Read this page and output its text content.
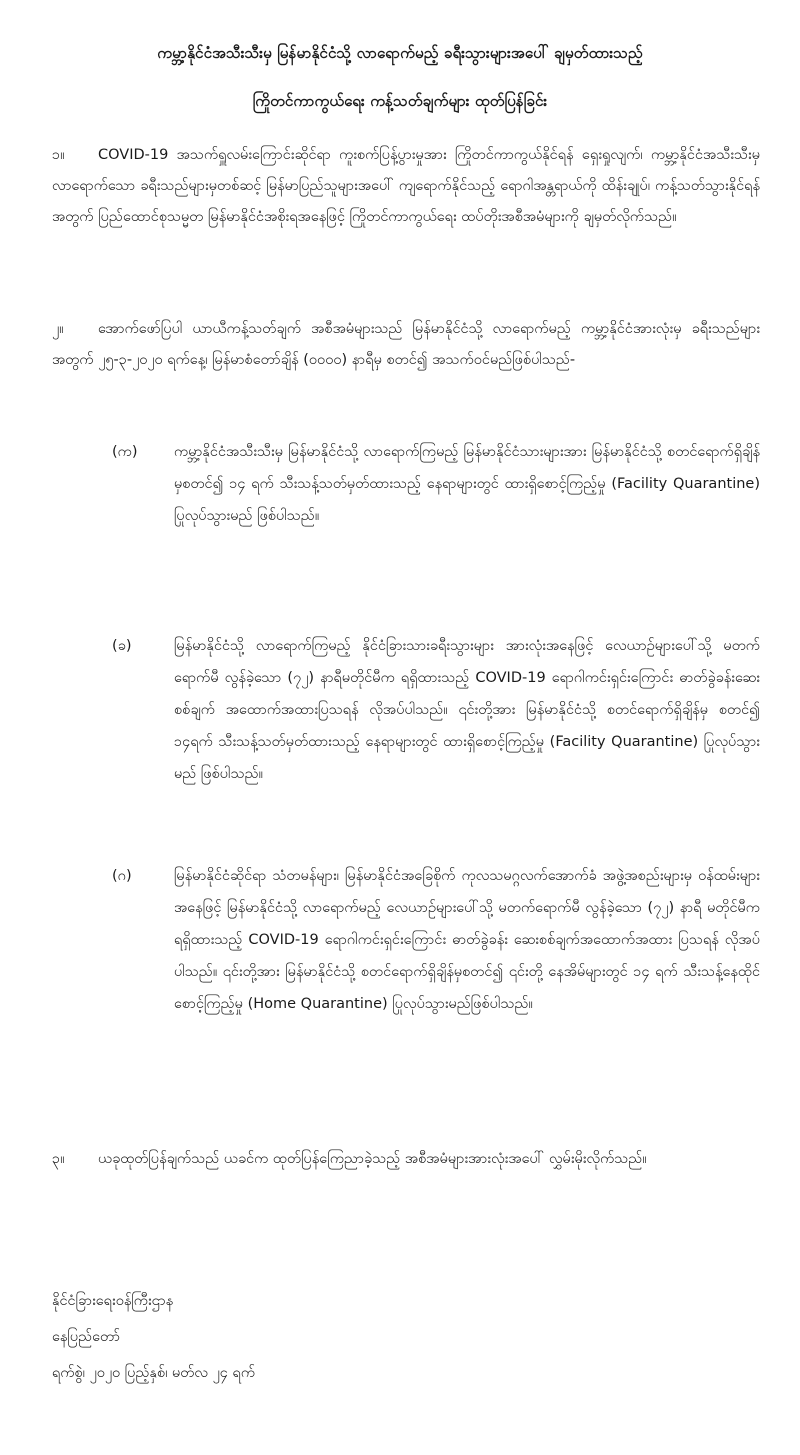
ကမ္ဘာ့နိုင်ငံအသီးသီးမှ မြန်မာနိုင်ငံသို့ လာရောက်မည့် ခရီးသွားများအပေါ် ချမှတ်ထားသည့်
ကြိုတင်ကာကွယ်ရေး ကန့်သတ်ချက်များ ထုတ်ပြန်ခြင်း
၁။ COVID-19 အသက်ရှူလမ်းကြောင်းဆိုင်ရာ ကူးစက်ပြန့်ပွားမှုအား ကြိုတင်ကာကွယ်နိုင်ရန် ရှေးရှုလျက်၊ ကမ္ဘာ့နိုင်ငံအသီးသီးမှ လာရောက်သော ခရီးသည်များမှတစ်ဆင့် မြန်မာပြည်သူများအပေါ် ကျရောက်နိုင်သည့် ရောဂါအန္တရာယ်ကို ထိန်းချုပ်၊ ကန့်သတ်သွားနိုင်ရန်အတွက် ပြည်ထောင်စုသမ္မတ မြန်မာနိုင်ငံအစိုးရအနေဖြင့် ကြိုတင်ကာကွယ်ရေး ထပ်တိုးအစီအမံများကို ချမှတ်လိုက်သည်။
၂။ အောက်ဖော်ပြပါ ယာယီကန့်သတ်ချက် အစီအမံများသည် မြန်မာနိုင်ငံသို့ လာရောက်မည့် ကမ္ဘာ့နိုင်ငံအားလုံးမှ ခရီးသည်များအတွက် ၂၅-၃-၂၀၂၀ ရက်နေ့၊ မြန်မာစံတော်ချိန် (၀၀၀၀) နာရီမှ စတင်၍ အသက်ဝင်မည်ဖြစ်ပါသည်-
(က)	ကမ္ဘာ့နိုင်ငံအသီးသီးမှ မြန်မာနိုင်ငံသို့ လာရောက်ကြမည့် မြန်မာနိုင်ငံသားများအား မြန်မာနိုင်ငံသို့ စတင်ရောက်ရှိချိန်မှစတင်၍ ၁၄ ရက် သီးသန့်သတ်မှတ်ထားသည့် နေရာများတွင် ထားရှိစောင့်ကြည့်မှု (Facility Quarantine) ပြုလုပ်သွားမည် ဖြစ်ပါသည်။
(ခ)	မြန်မာနိုင်ငံသို့ လာရောက်ကြမည့် နိုင်ငံခြားသားခရီးသွားများ အားလုံးအနေဖြင့် လေယာဉ်များပေါ်သို့ မတက်ရောက်မီ လွန်ခဲ့သော (၇၂) နာရီမတိုင်မီက ရရှိထားသည့် COVID-19 ရောဂါကင်းရှင်းကြောင်း ဓာတ်ခွဲခန်းဆေးစစ်ချက် အထောက်အထားပြသရန် လိုအပ်ပါသည်။ ၎င်းတို့အား မြန်မာနိုင်ငံသို့ စတင်ရောက်ရှိချိန်မှ စတင်၍ ၁၄ရက် သီးသန့်သတ်မှတ်ထားသည့် နေရာများတွင် ထားရှိစောင့်ကြည့်မှု (Facility Quarantine) ပြုလုပ်သွားမည် ဖြစ်ပါသည်။
(ဂ)	မြန်မာနိုင်ငံဆိုင်ရာ သံတမန်များ၊ မြန်မာနိုင်ငံအခြေစိုက် ကုလသမဂ္ဂလက်အောက်ခံ အဖွဲ့အစည်းများမှ ဝန်ထမ်းများအနေဖြင့် မြန်မာနိုင်ငံသို့ လာရောက်မည့် လေယာဉ်များပေါ်သို့ မတက်ရောက်မီ လွန်ခဲ့သော (၇၂) နာရီ မတိုင်မီက ရရှိထားသည့် COVID-19 ရောဂါကင်းရှင်းကြောင်း ဓာတ်ခွဲခန်း ဆေးစစ်ချက်အထောက်အထား ပြသရန် လိုအပ်ပါသည်။ ၎င်းတို့အား မြန်မာနိုင်ငံသို့ စတင်ရောက်ရှိချိန်မှစတင်၍ ၎င်းတို့ နေအိမ်များတွင် ၁၄ ရက် သီးသန့်နေထိုင်စောင့်ကြည့်မှု (Home Quarantine) ပြုလုပ်သွားမည်ဖြစ်ပါသည်။
၃။ ယခုထုတ်ပြန်ချက်သည် ယခင်က ထုတ်ပြန်ကြေညာခဲ့သည့် အစီအမံများအားလုံးအပေါ် လွှမ်းမိုးလိုက်သည်။
နိုင်ငံခြားရေးဝန်ကြီးဌာန
နေပြည်တော်
ရက်စွဲ၊ ၂၀၂၀ ပြည့်နှစ်၊ မတ်လ ၂၄ ရက်
